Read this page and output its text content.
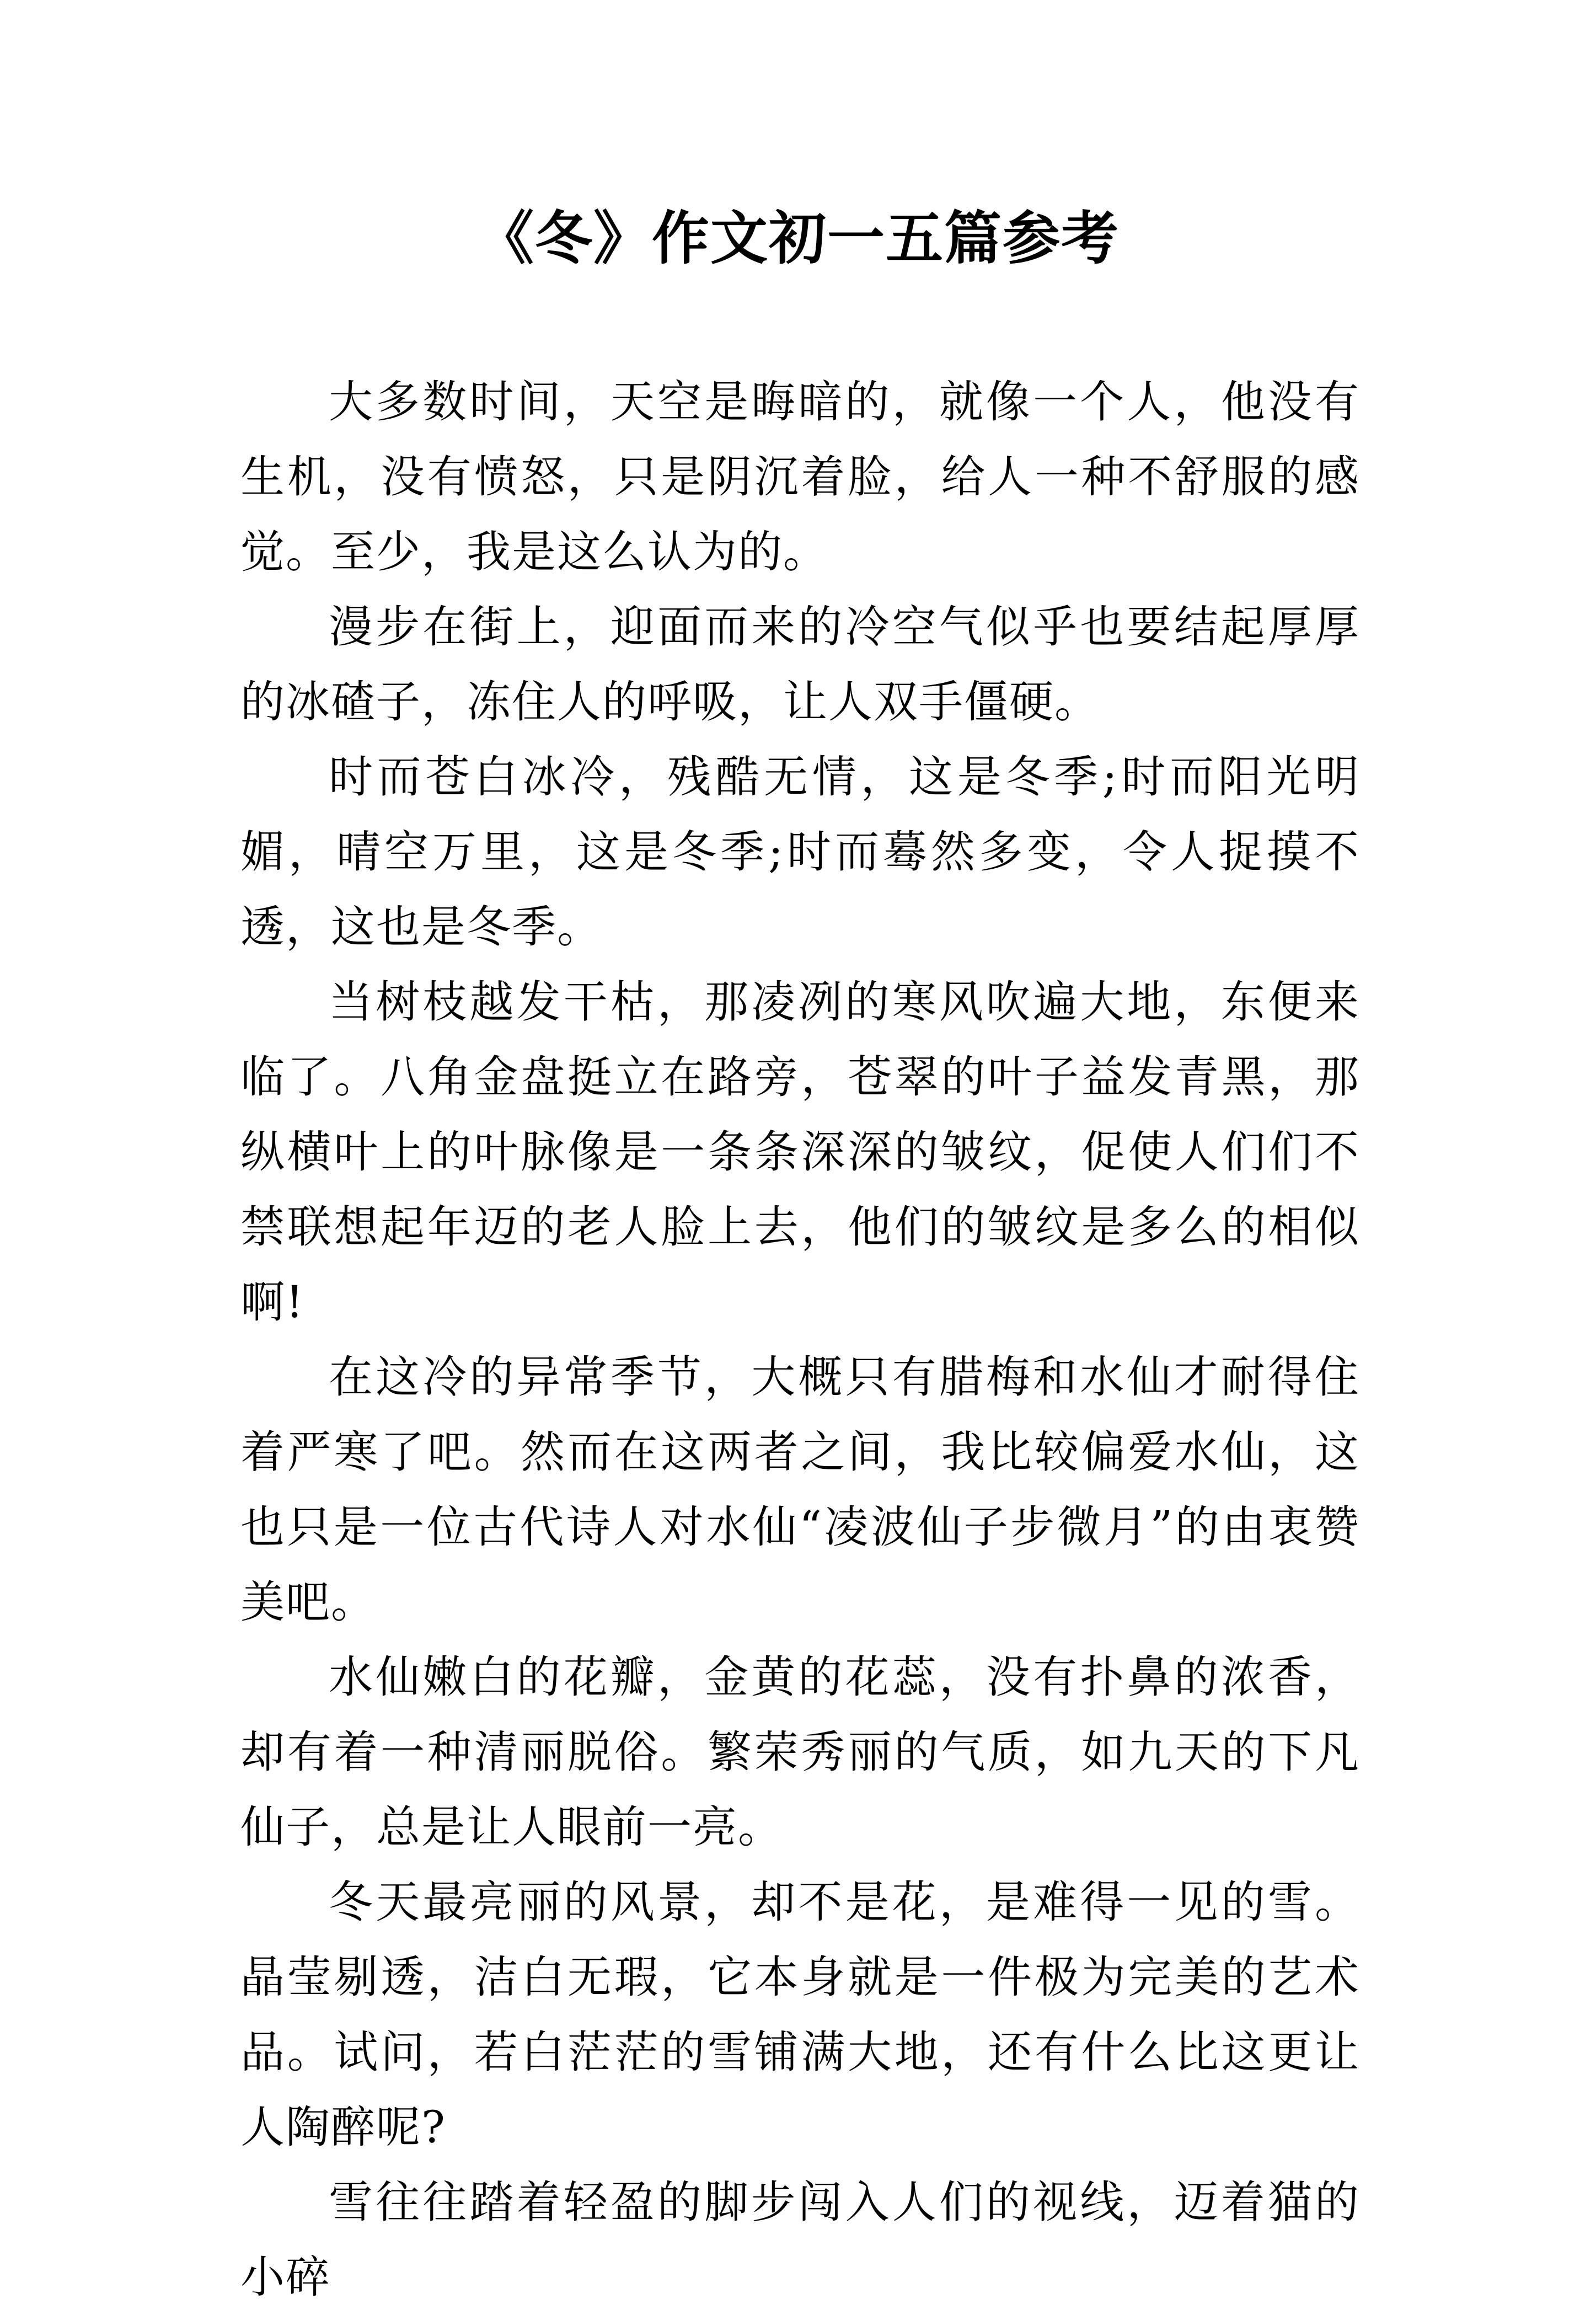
《冬》作文初一五篇参考

大多数时间，天空是晦暗的，就像一个人，他没有生机，没有愤怒，只是阴沉着脸，给人一种不舒服的感觉。至少，我是这么认为的。

漫步在街上，迎面而来的冷空气似乎也要结起厚厚的冰碴子，冻住人的呼吸，让人双手僵硬。

时而苍白冰冷，残酷无情，这是冬季;时而阳光明媚，晴空万里，这是冬季;时而蓦然多变，令人捉摸不透，这也是冬季。

当树枝越发干枯，那凌冽的寒风吹遍大地，东便来临了。八角金盘挺立在路旁，苍翠的叶子益发青黑，那纵横叶上的叶脉像是一条条深深的皱纹，促使人们们不禁联想起年迈的老人脸上去，他们的皱纹是多么的相似啊!

在这冷的异常季节，大概只有腊梅和水仙才耐得住着严寒了吧。然而在这两者之间，我比较偏爱水仙，这也只是一位古代诗人对水仙“凌波仙子步微月”的由衷赞美吧。

水仙嫩白的花瓣，金黄的花蕊，没有扑鼻的浓香，却有着一种清丽脱俗。繁荣秀丽的气质，如九天的下凡仙子，总是让人眼前一亮。

冬天最亮丽的风景，却不是花，是难得一见的雪。晶莹剔透，洁白无瑕，它本身就是一件极为完美的艺术品。试问，若白茫茫的雪铺满大地，还有什么比这更让人陶醉呢?

雪往往踏着轻盈的脚步闯入人们的视线，迈着猫的小碎
